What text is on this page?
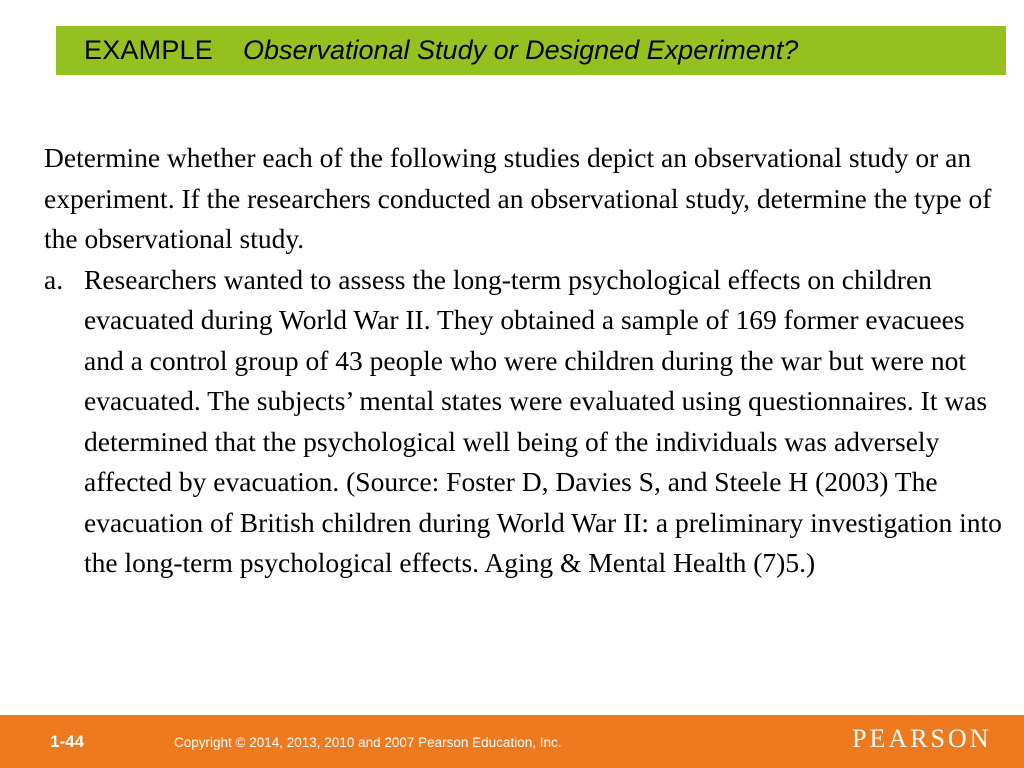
EXAMPLE Observational Study or Designed Experiment?

Determine whether each of the following studies depict an observational study or an experiment. If the researchers conducted an observational study, determine the type of the observational study.

a. Researchers wanted to assess the long-term psychological effects on children evacuated during World War II. They obtained a sample of 169 former evacuees and a control group of 43 people who were children during the war but were not evacuated. The subjects’ mental states were evaluated using questionnaires. It was determined that the psychological well being of the individuals was adversely affected by evacuation. (Source: Foster D, Davies S, and Steele H (2003) The evacuation of British children during World War II: a preliminary investigation into the long-term psychological effects. Aging & Mental Health (7)5.)
1-44	Copyright © 2014, 2013, 2010 and 2007 Pearson Education, Inc.	PEARSON
